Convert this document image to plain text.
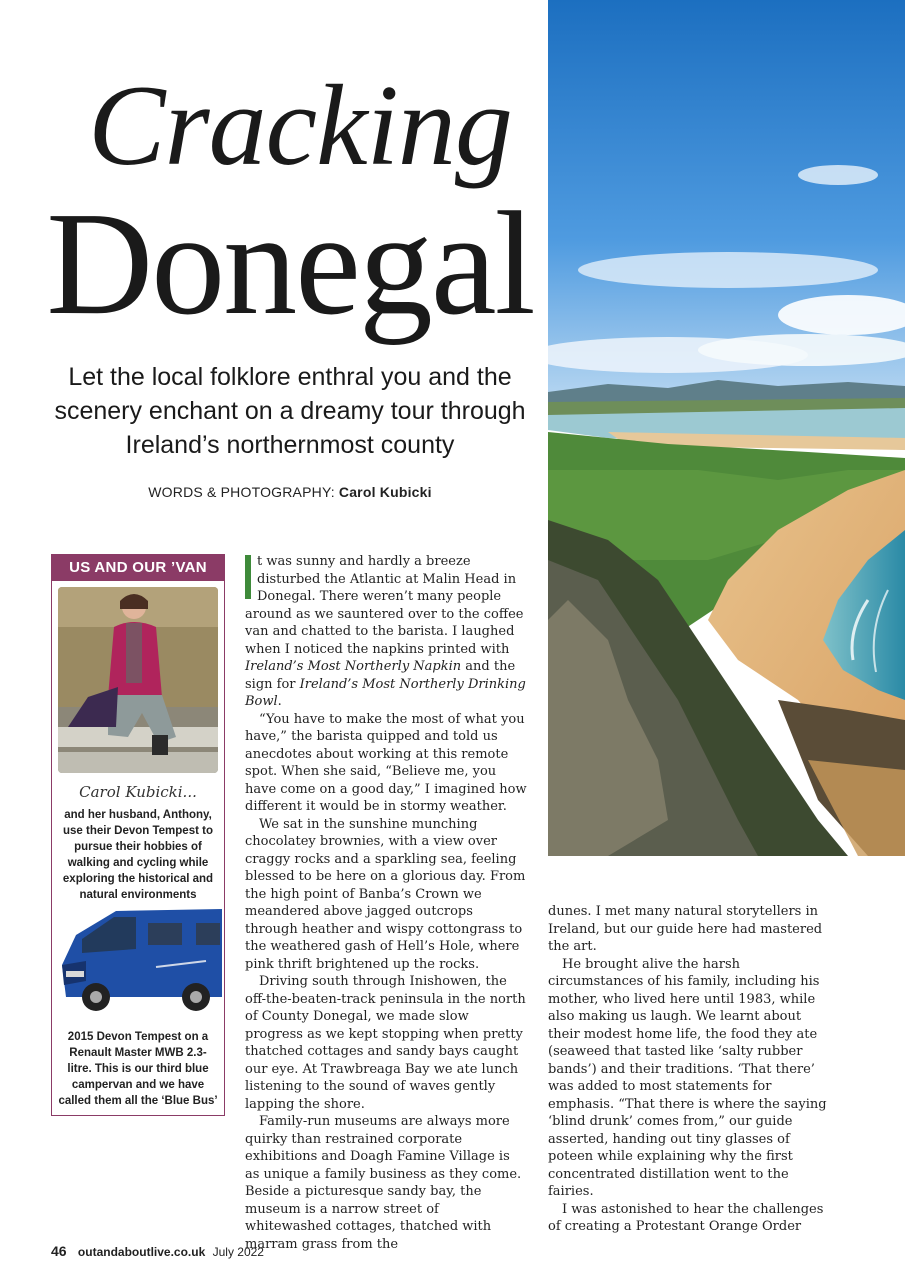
Cracking
Donegal
Let the local folklore enthral you and the scenery enchant on a dreamy tour through Ireland’s northernmost county
WORDS & PHOTOGRAPHY: Carol Kubicki
US AND OUR ’VAN
Carol Kubicki...
and her husband, Anthony, use their Devon Tempest to pursue their hobbies of walking and cycling while exploring the historical and natural environments
2015 Devon Tempest on a Renault Master MWB 2.3-litre. This is our third blue campervan and we have called them all the ‘Blue Bus’

t was sunny and hardly a breeze disturbed the Atlantic at Malin Head in Donegal. There weren’t many people around as we sauntered over to the coffee van and chatted to the barista. I laughed when I noticed the napkins printed with Ireland’s Most Northerly Napkin and the sign for Ireland’s Most Northerly Drinking Bowl.

“You have to make the most of what you have,” the barista quipped and told us anecdotes about working at this remote spot. When she said, “Believe me, you have come on a good day,” I imagined how different it would be in stormy weather.

We sat in the sunshine munching chocolatey brownies, with a view over craggy rocks and a sparkling sea, feeling blessed to be here on a glorious day. From the high point of Banba’s Crown we meandered above jagged outcrops through heather and wispy cottongrass to the weathered gash of Hell’s Hole, where pink thrift brightened up the rocks.

Driving south through Inishowen, the off-the-beaten-track peninsula in the north of County Donegal, we made slow progress as we kept stopping when pretty thatched cottages and sandy bays caught our eye. At Trawbreaga Bay we ate lunch listening to the sound of waves gently lapping the shore.

Family-run museums are always more quirky than restrained corporate exhibitions and Doagh Famine Village is as unique a family business as they come. Beside a picturesque sandy bay, the museum is a narrow street of whitewashed cottages, thatched with marram grass from the

dunes. I met many natural storytellers in Ireland, but our guide here had mastered the art.

He brought alive the harsh circumstances of his family, including his mother, who lived here until 1983, while also making us laugh. We learnt about their modest home life, the food they ate (seaweed that tasted like ‘salty rubber bands’) and their traditions. ‘That there’ was added to most statements for emphasis. “That there is where the saying ‘blind drunk’ comes from,” our guide asserted, handing out tiny glasses of poteen while explaining why the first concentrated distillation went to the fairies.

I was astonished to hear the challenges of creating a Protestant Orange Order

46 outandaboutlive.co.uk July 2022
